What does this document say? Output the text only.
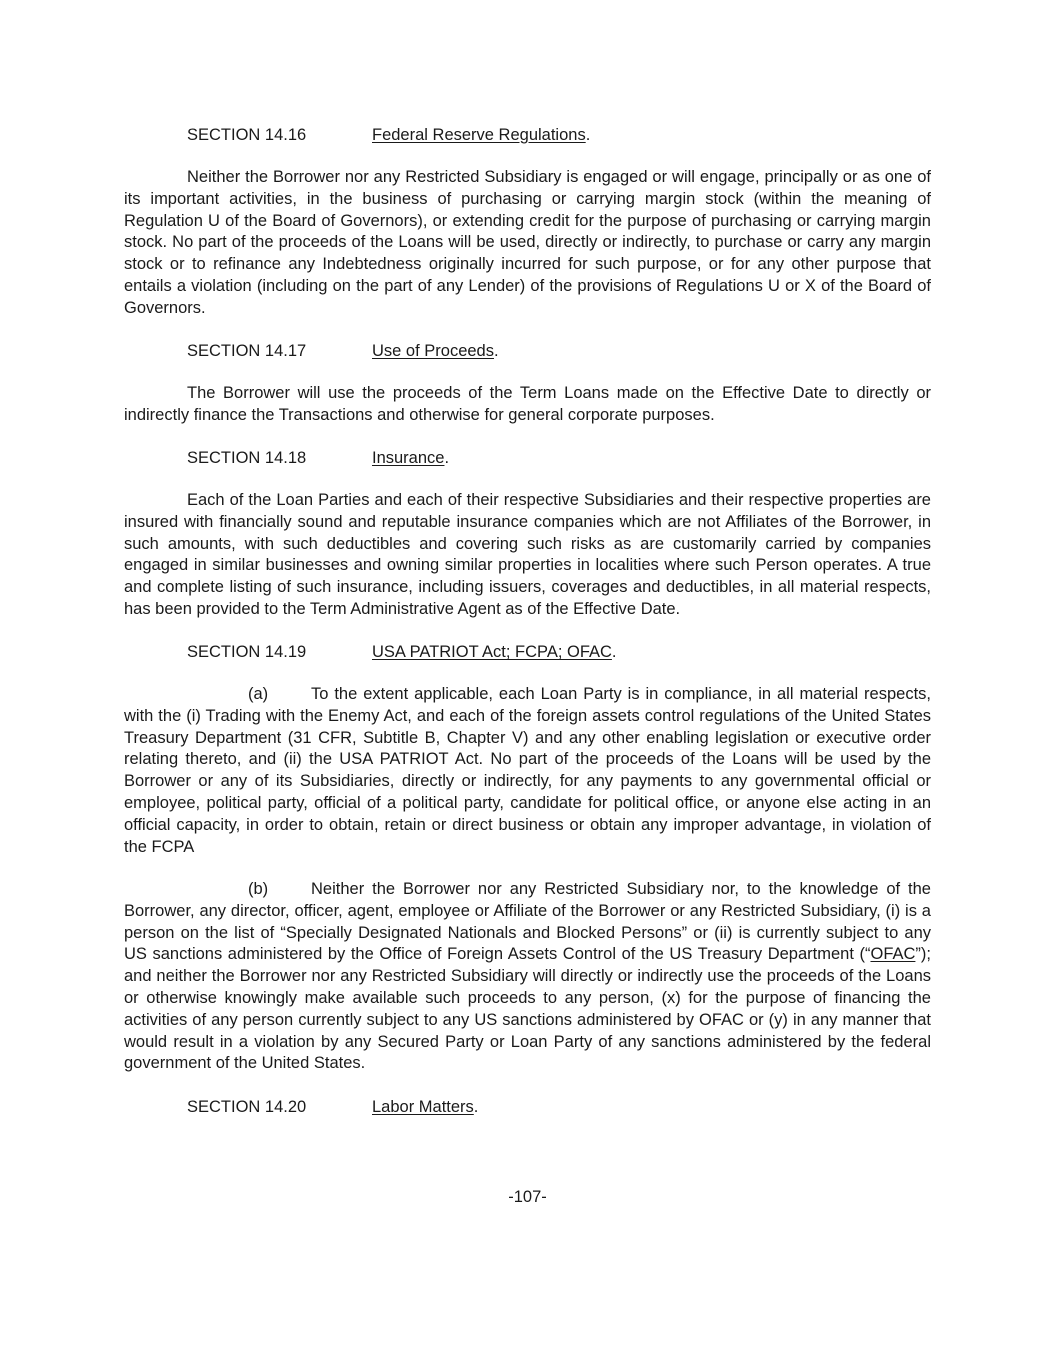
SECTION 14.16	Federal Reserve Regulations.

Neither the Borrower nor any Restricted Subsidiary is engaged or will engage, principally or as one of its important activities, in the business of purchasing or carrying margin stock (within the meaning of Regulation U of the Board of Governors), or extending credit for the purpose of purchasing or carrying margin stock. No part of the proceeds of the Loans will be used, directly or indirectly, to purchase or carry any margin stock or to refinance any Indebtedness originally incurred for such purpose, or for any other purpose that entails a violation (including on the part of any Lender) of the provisions of Regulations U or X of the Board of Governors.

SECTION 14.17	Use of Proceeds.

The Borrower will use the proceeds of the Term Loans made on the Effective Date to directly or indirectly finance the Transactions and otherwise for general corporate purposes.

SECTION 14.18	Insurance.

Each of the Loan Parties and each of their respective Subsidiaries and their respective properties are insured with financially sound and reputable insurance companies which are not Affiliates of the Borrower, in such amounts, with such deductibles and covering such risks as are customarily carried by companies engaged in similar businesses and owning similar properties in localities where such Person operates. A true and complete listing of such insurance, including issuers, coverages and deductibles, in all material respects, has been provided to the Term Administrative Agent as of the Effective Date.

SECTION 14.19	USA PATRIOT Act; FCPA; OFAC.

(a)	To the extent applicable, each Loan Party is in compliance, in all material respects, with the (i) Trading with the Enemy Act, and each of the foreign assets control regulations of the United States Treasury Department (31 CFR, Subtitle B, Chapter V) and any other enabling legislation or executive order relating thereto, and (ii) the USA PATRIOT Act. No part of the proceeds of the Loans will be used by the Borrower or any of its Subsidiaries, directly or indirectly, for any payments to any governmental official or employee, political party, official of a political party, candidate for political office, or anyone else acting in an official capacity, in order to obtain, retain or direct business or obtain any improper advantage, in violation of the FCPA

(b)	Neither the Borrower nor any Restricted Subsidiary nor, to the knowledge of the Borrower, any director, officer, agent, employee or Affiliate of the Borrower or any Restricted Subsidiary, (i) is a person on the list of “Specially Designated Nationals and Blocked Persons” or (ii) is currently subject to any US sanctions administered by the Office of Foreign Assets Control of the US Treasury Department (“OFAC”); and neither the Borrower nor any Restricted Subsidiary will directly or indirectly use the proceeds of the Loans or otherwise knowingly make available such proceeds to any person, (x) for the purpose of financing the activities of any person currently subject to any US sanctions administered by OFAC or (y) in any manner that would result in a violation by any Secured Party or Loan Party of any sanctions administered by the federal government of the United States.

SECTION 14.20	Labor Matters.
-107-
